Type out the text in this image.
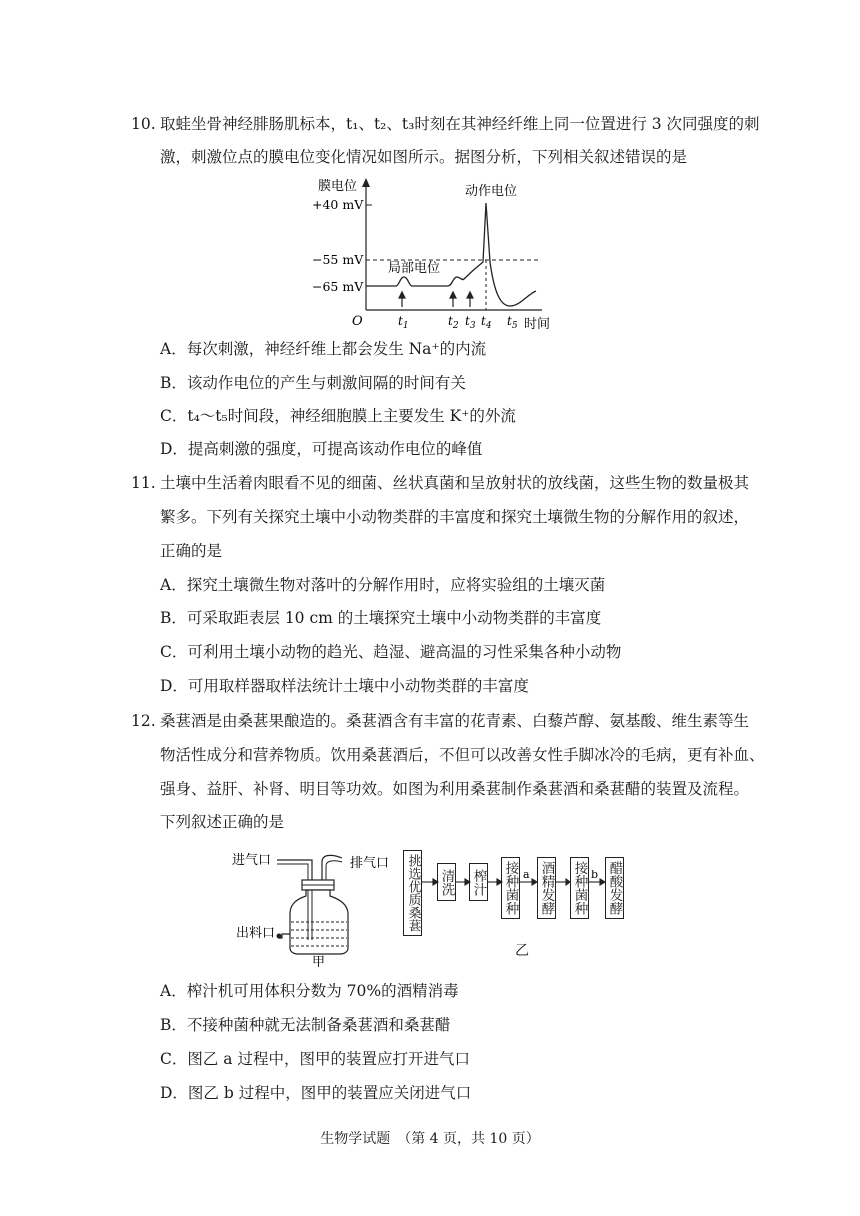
10. 取蛙坐骨神经腓肠肌标本，t₁、t₂、t₃时刻在其神经纤维上同一位置进行 3 次同强度的刺
激，刺激位点的膜电位变化情况如图所示。据图分析，下列相关叙述错误的是
膜电位
+40 mV
−55 mV
−65 mV
O
局部电位
动作电位
$t_1$	$t_2$ $t_3$ $t_4$ $t_5$ 时间
A．每次刺激，神经纤维上都会发生 Na⁺的内流
B．该动作电位的产生与刺激间隔的时间有关
C．t₄～t₅时间段，神经细胞膜上主要发生 K⁺的外流
D．提高刺激的强度，可提高该动作电位的峰值
11. 土壤中生活着肉眼看不见的细菌、丝状真菌和呈放射状的放线菌，这些生物的数量极其
繁多。下列有关探究土壤中小动物类群的丰富度和探究土壤微生物的分解作用的叙述，
正确的是
A．探究土壤微生物对落叶的分解作用时，应将实验组的土壤灭菌
B．可采取距表层 10 cm 的土壤探究土壤中小动物类群的丰富度
C．可利用土壤小动物的趋光、趋湿、避高温的习性采集各种小动物
D．可用取样器取样法统计土壤中小动物类群的丰富度
12. 桑葚酒是由桑葚果酿造的。桑葚酒含有丰富的花青素、白藜芦醇、氨基酸、维生素等生
物活性成分和营养物质。饮用桑葚酒后，不但可以改善女性手脚冰冷的毛病，更有补血、
强身、益肝、补肾、明目等功效。如图为利用桑葚制作桑葚酒和桑葚醋的装置及流程。
下列叙述正确的是
进气口	排气口
出料口
甲
挑选优质桑葚 清洗 榨汁 接种菌种 酒精发酵 接种菌种 醋酸发酵
a	b
乙
A．榨汁机可用体积分数为 70%的酒精消毒
B．不接种菌种就无法制备桑葚酒和桑葚醋
C．图乙 a 过程中，图甲的装置应打开进气口
D．图乙 b 过程中，图甲的装置应关闭进气口
生物学试题　（第 4 页，共 10 页）
